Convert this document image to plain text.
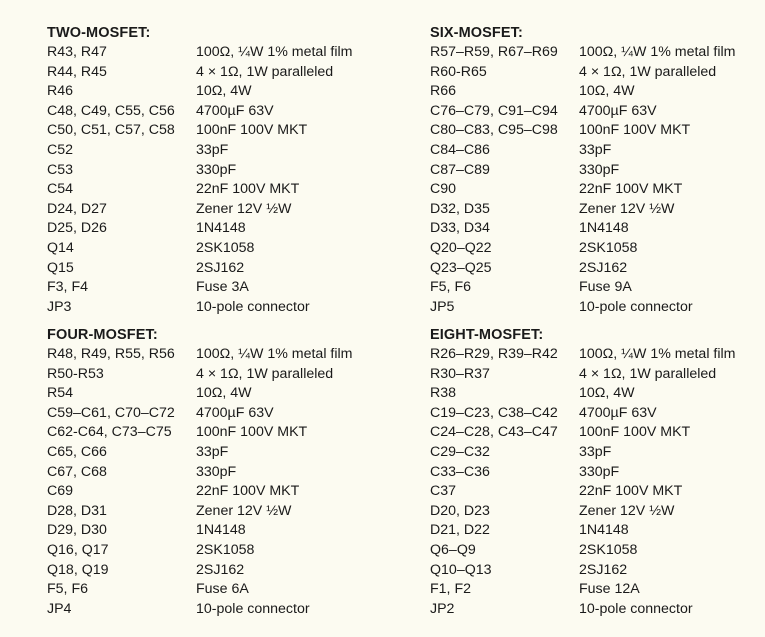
TWO-MOSFET:
R43, R47	100Ω, ¼W 1% metal film
R44, R45	4 × 1Ω, 1W paralleled
R46	10Ω, 4W
C48, C49, C55, C56	4700µF 63V
C50, C51, C57, C58	100nF 100V MKT
C52	33pF
C53	330pF
C54	22nF 100V MKT
D24, D27	Zener 12V ½W
D25, D26	1N4148
Q14	2SK1058
Q15	2SJ162
F3, F4	Fuse 3A
JP3	10-pole connector
SIX-MOSFET:
R57–R59, R67–R69	100Ω, ¼W 1% metal film
R60-R65	4 × 1Ω, 1W paralleled
R66	10Ω, 4W
C76–C79, C91–C94	4700µF 63V
C80–C83, C95–C98	100nF 100V MKT
C84–C86	33pF
C87–C89	330pF
C90	22nF 100V MKT
D32, D35	Zener 12V ½W
D33, D34	1N4148
Q20–Q22	2SK1058
Q23–Q25	2SJ162
F5, F6	Fuse 9A
JP5	10-pole connector
FOUR-MOSFET:
R48, R49, R55, R56	100Ω, ¼W 1% metal film
R50-R53	4 × 1Ω, 1W paralleled
R54	10Ω, 4W
C59–C61, C70–C72	4700µF 63V
C62-C64, C73–C75	100nF 100V MKT
C65, C66	33pF
C67, C68	330pF
C69	22nF 100V MKT
D28, D31	Zener 12V ½W
D29, D30	1N4148
Q16, Q17	2SK1058
Q18, Q19	2SJ162
F5, F6	Fuse 6A
JP4	10-pole connector
EIGHT-MOSFET:
R26–R29, R39–R42	100Ω, ¼W 1% metal film
R30–R37	4 × 1Ω, 1W paralleled
R38	10Ω, 4W
C19–C23, C38–C42	4700µF 63V
C24–C28, C43–C47	100nF 100V MKT
C29–C32	33pF
C33–C36	330pF
C37	22nF 100V MKT
D20, D23	Zener 12V ½W
D21, D22	1N4148
Q6–Q9	2SK1058
Q10–Q13	2SJ162
F1, F2	Fuse 12A
JP2	10-pole connector
